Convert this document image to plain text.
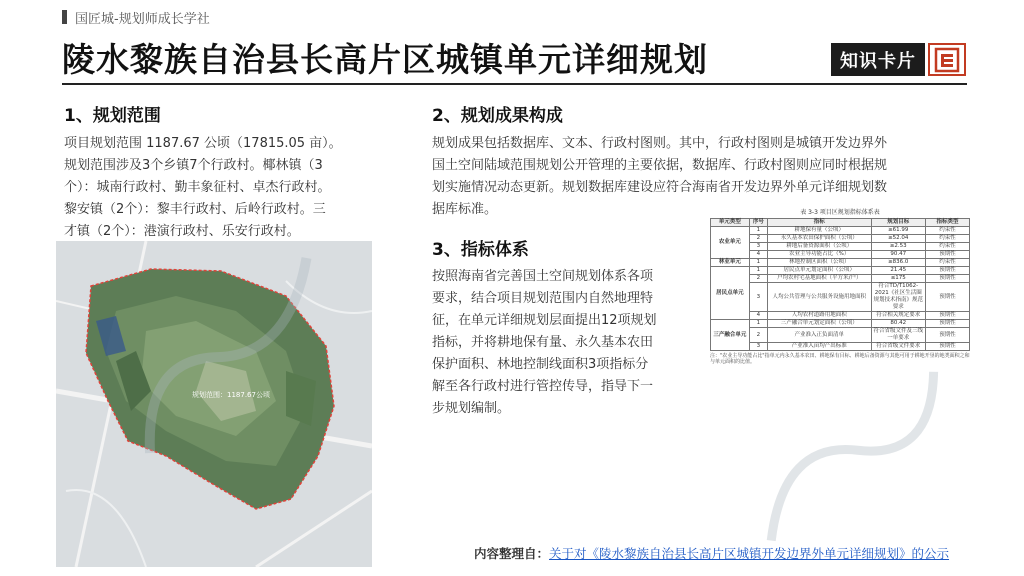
国匠城-规划师成长学社
陵水黎族自治县长高片区城镇单元详细规划	知识卡片
1、规划范围
项目规划范围 1187.67 公顷（17815.05 亩）。
规划范围涉及3个乡镇7个行政村。椰林镇（3
个）：城南行政村、勤丰象征村、卓杰行政村。
黎安镇（2个）：黎丰行政村、后岭行政村。三
才镇（2个）：港演行政村、乐安行政村。
规划范围：1187.67公顷
2、规划成果构成
规划成果包括数据库、文本、行政村图则。其中，行政村图则是城镇开发边界外
国土空间陆域范围规划公开管理的主要依据，数据库、行政村图则应同时根据规
划实施情况动态更新。规划数据库建设应符合海南省开发边界外单元详细规划数
据库标准。
3、指标体系
按照海南省完善国土空间规划体系各项
要求，结合项目规划范围内自然地理特
征，在单元详细规划层面提出12项规划
指标，并将耕地保有量、永久基本农田
保护面积、林地控制线面积3项指标分
解至各行政村进行管控传导，指导下一
步规划编制。
表 3-3 项目区规划指标体系表
单元类型	序号	指标	规划目标	指标类型
农业单元	1	耕地保有量（公顷）	≥61.99	约束性
	2	永久基本农田保护面积（公顷）	≥52.04	约束性
	3	耕地后备资源面积（公顷）	≥2.53	约束性
	4	农业主导功能占比（%）	90.47	预期性
林业单元	1	林地控制区面积（公顷）	≥836.0	约束性
居民点单元	1	居民点单元划定面积（公顷）	21.45	预期性
	2	户均农村宅基地面积（平方米/户）	≤175	预期性
	3	人均公共管理与公共服务设施用地面积	符合TD/T1062-2021《社区生活圈规划技术指南》规范要求	预期性
	4	人均农村道路用地面积	符合相关规定要求	预期性
三产融合单元	1	三产融合单元划定面积（公顷）	80.42	预期性
	2	产业准入正负面清单	符合省级文件及三线一单要求	预期性
	3	产业准入亩均产出标准	符合省级文件要求	预期性
注："农业主导功能占比"指单元内永久基本农田、耕地保有目标、耕地后备资源与其他可用于耕地开垦的地类面积之和与单元面积的比值。
内容整理自：关于对《陵水黎族自治县长高片区城镇开发边界外单元详细规划》的公示
